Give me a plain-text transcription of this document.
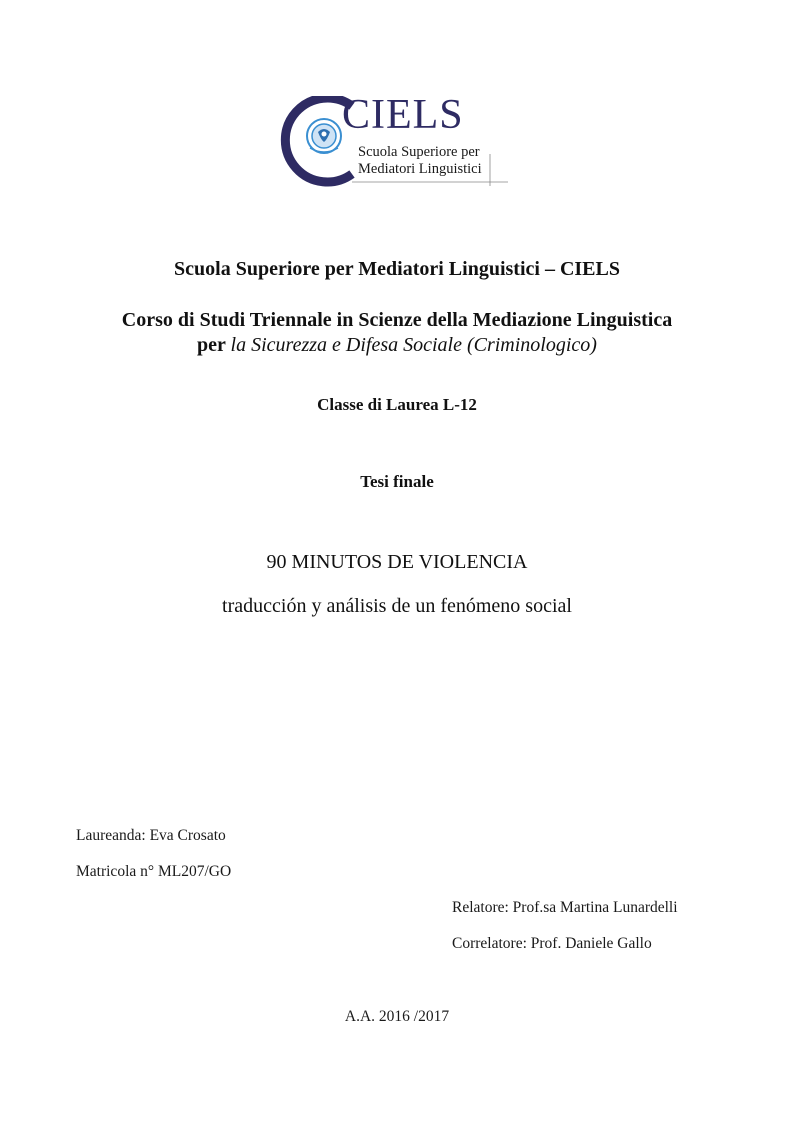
CIELS
Scuola Superiore per
Mediatori Linguistici
Scuola Superiore per Mediatori Linguistici – CIELS
Corso di Studi Triennale in Scienze della Mediazione Linguistica
per la Sicurezza e Difesa Sociale (Criminologico)
Classe di Laurea L-12
Tesi finale
90 MINUTOS DE VIOLENCIA
traducción y análisis de un fenómeno social
Laureanda: Eva Crosato
Matricola n° ML207/GO
Relatore: Prof.sa Martina Lunardelli
Correlatore: Prof. Daniele Gallo
A.A. 2016 /2017
